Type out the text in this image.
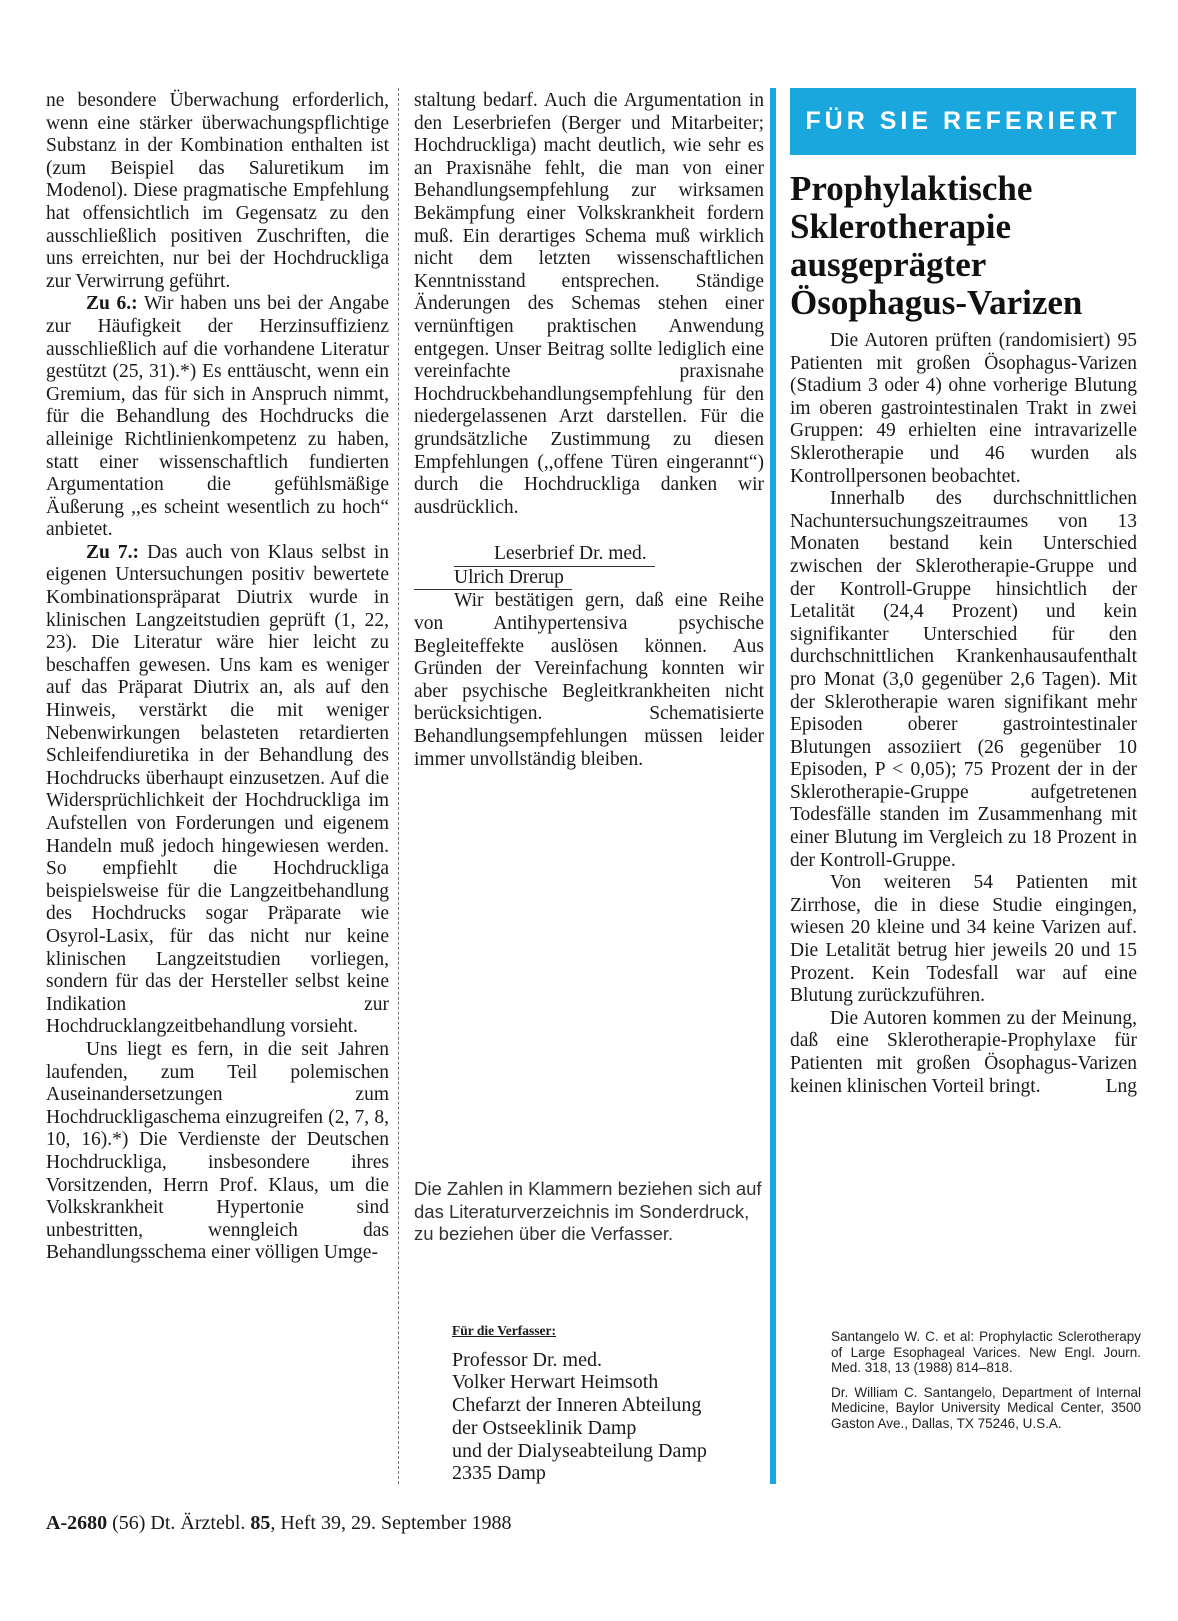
ne besondere Überwachung erforderlich, wenn eine stärker überwachungspflichtige Substanz in der Kombination enthalten ist (zum Beispiel das Saluretikum im Modenol). Diese pragmatische Empfehlung hat offensichtlich im Gegensatz zu den ausschließlich positiven Zuschriften, die uns erreichten, nur bei der Hochdruckliga zur Verwirrung geführt.

Zu 6.: Wir haben uns bei der Angabe zur Häufigkeit der Herzinsuffizienz ausschließlich auf die vorhandene Literatur gestützt (25, 31).*) Es enttäuscht, wenn ein Gremium, das für sich in Anspruch nimmt, für die Behandlung des Hochdrucks die alleinige Richtlinienkompetenz zu haben, statt einer wissenschaftlich fundierten Argumentation die gefühlsmäßige Äußerung ,,es scheint wesentlich zu hoch“ anbietet.

Zu 7.: Das auch von Klaus selbst in eigenen Untersuchungen positiv bewertete Kombinationspräparat Diutrix wurde in klinischen Langzeitstudien geprüft (1, 22, 23). Die Literatur wäre hier leicht zu beschaffen gewesen. Uns kam es weniger auf das Präparat Diutrix an, als auf den Hinweis, verstärkt die mit weniger Nebenwirkungen belasteten retardierten Schleifendiuretika in der Behandlung des Hochdrucks überhaupt einzusetzen. Auf die Widersprüchlichkeit der Hochdruckliga im Aufstellen von Forderungen und eigenem Handeln muß jedoch hingewiesen werden. So empfiehlt die Hochdruckliga beispielsweise für die Langzeitbehandlung des Hochdrucks sogar Präparate wie Osyrol-Lasix, für das nicht nur keine klinischen Langzeitstudien vorliegen, sondern für das der Hersteller selbst keine Indikation zur Hochdrucklangzeitbehandlung vorsieht.

Uns liegt es fern, in die seit Jahren laufenden, zum Teil polemischen Auseinandersetzungen zum Hochdruckligaschema einzugreifen (2, 7, 8, 10, 16).*) Die Verdienste der Deutschen Hochdruckliga, insbesondere ihres Vorsitzenden, Herrn Prof. Klaus, um die Volkskrankheit Hypertonie sind unbestritten, wenngleich das Behandlungsschema einer völligen Umge-

staltung bedarf. Auch die Argumentation in den Leserbriefen (Berger und Mitarbeiter; Hochdruckliga) macht deutlich, wie sehr es an Praxisnähe fehlt, die man von einer Behandlungsempfehlung zur wirksamen Bekämpfung einer Volkskrankheit fordern muß. Ein derartiges Schema muß wirklich nicht dem letzten wissenschaftlichen Kenntnisstand entsprechen. Ständige Änderungen des Schemas stehen einer vernünftigen praktischen Anwendung entgegen. Unser Beitrag sollte lediglich eine vereinfachte praxisnahe Hochdruckbehandlungsempfehlung für den niedergelassenen Arzt darstellen. Für die grundsätzliche Zustimmung zu diesen Empfehlungen (,,offene Türen eingerannt“) durch die Hochdruckliga danken wir ausdrücklich.

Leserbrief Dr. med.
Ulrich Drerup

Wir bestätigen gern, daß eine Reihe von Antihypertensiva psychische Begleiteffekte auslösen können. Aus Gründen der Vereinfachung konnten wir aber psychische Begleitkrankheiten nicht berücksichtigen. Schematisierte Behandlungsempfehlungen müssen leider immer unvollständig bleiben.

Die Zahlen in Klammern beziehen sich auf das Literaturverzeichnis im Sonderdruck, zu beziehen über die Verfasser.
Für die Verfasser:
Professor Dr. med.
Volker Herwart Heimsoth
Chefarzt der Inneren Abteilung
der Ostseeklinik Damp
und der Dialyseabteilung Damp
2335 Damp
FÜR SIE REFERIERT
Prophylaktische
Sklerotherapie
ausgeprägter
Ösophagus-Varizen

Die Autoren prüften (randomisiert) 95 Patienten mit großen Ösophagus-Varizen (Stadium 3 oder 4) ohne vorherige Blutung im oberen gastrointestinalen Trakt in zwei Gruppen: 49 erhielten eine intravarizelle Sklerotherapie und 46 wurden als Kontrollpersonen beobachtet.

Innerhalb des durchschnittlichen Nachuntersuchungszeitraumes von 13 Monaten bestand kein Unterschied zwischen der Sklerotherapie-Gruppe und der Kontroll-Gruppe hinsichtlich der Letalität (24,4 Prozent) und kein signifikanter Unterschied für den durchschnittlichen Krankenhausaufenthalt pro Monat (3,0 gegenüber 2,6 Tagen). Mit der Sklerotherapie waren signifikant mehr Episoden oberer gastrointestinaler Blutungen assoziiert (26 gegenüber 10 Episoden, P < 0,05); 75 Prozent der in der Sklerotherapie-Gruppe aufgetretenen Todesfälle standen im Zusammenhang mit einer Blutung im Vergleich zu 18 Prozent in der Kontroll-Gruppe.

Von weiteren 54 Patienten mit Zirrhose, die in diese Studie eingingen, wiesen 20 kleine und 34 keine Varizen auf. Die Letalität betrug hier jeweils 20 und 15 Prozent. Kein Todesfall war auf eine Blutung zurückzuführen.

Die Autoren kommen zu der Meinung, daß eine Sklerotherapie-Prophylaxe für Patienten mit großen Ösophagus-Varizen keinen klinischen Vorteil bringt.	Lng

Santangelo W. C. et al: Prophylactic Sclerotherapy of Large Esophageal Varices. New Engl. Journ. Med. 318, 13 (1988) 814–818.

Dr. William C. Santangelo, Department of Internal Medicine, Baylor University Medical Center, 3500 Gaston Ave., Dallas, TX 75246, U.S.A.

A-2680 (56) Dt. Ärztebl. 85, Heft 39, 29. September 1988
